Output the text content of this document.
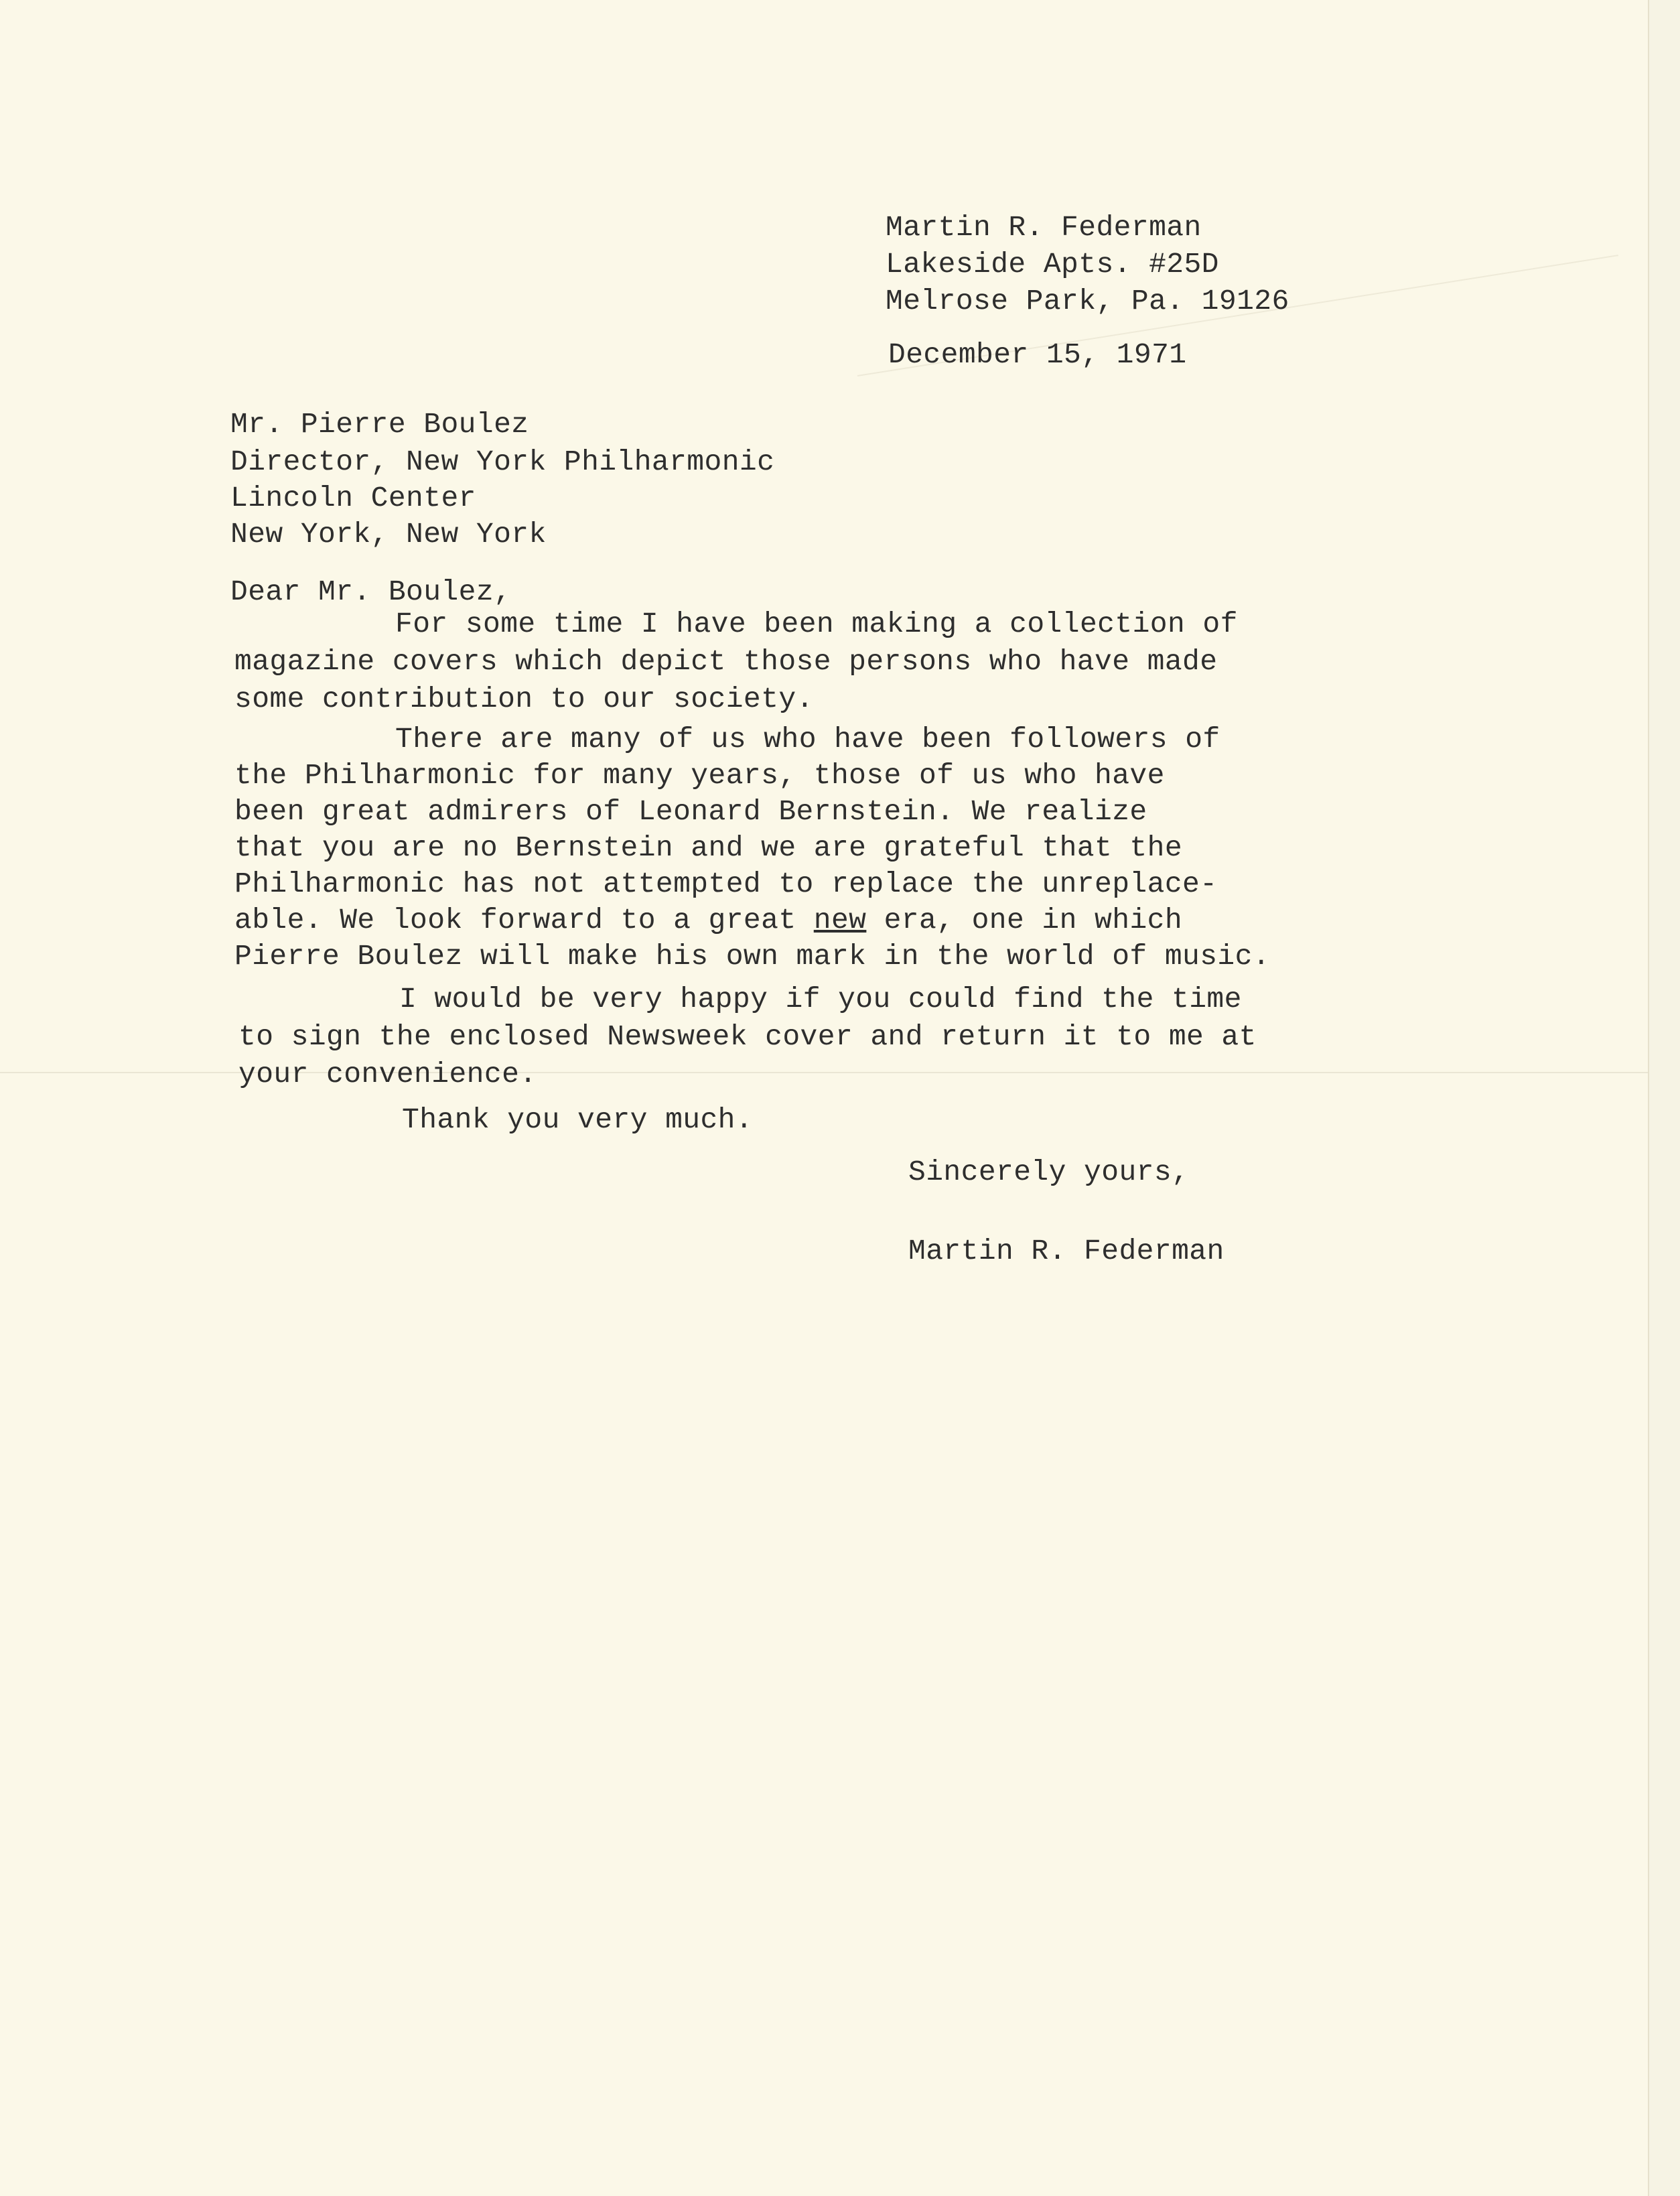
Martin R. Federman
Lakeside Apts. #25D
Melrose Park, Pa. 19126
December 15, 1971
Mr. Pierre Boulez
Director, New York Philharmonic
Lincoln Center
New York, New York
Dear Mr. Boulez,
For some time I have been making a collection of
magazine covers which depict those persons who have made
some contribution to our society.
There are many of us who have been followers of
the Philharmonic for many years, those of us who have
been great admirers of Leonard Bernstein. We realize
that you are no Bernstein and we are grateful that the
Philharmonic has not attempted to replace the unreplace-
able. We look forward to a great new era, one in which
Pierre Boulez will make his own mark in the world of music.
I would be very happy if you could find the time
to sign the enclosed Newsweek cover and return it to me at
your convenience.
Thank you very much.
Sincerely yours,
Martin R. Federman
